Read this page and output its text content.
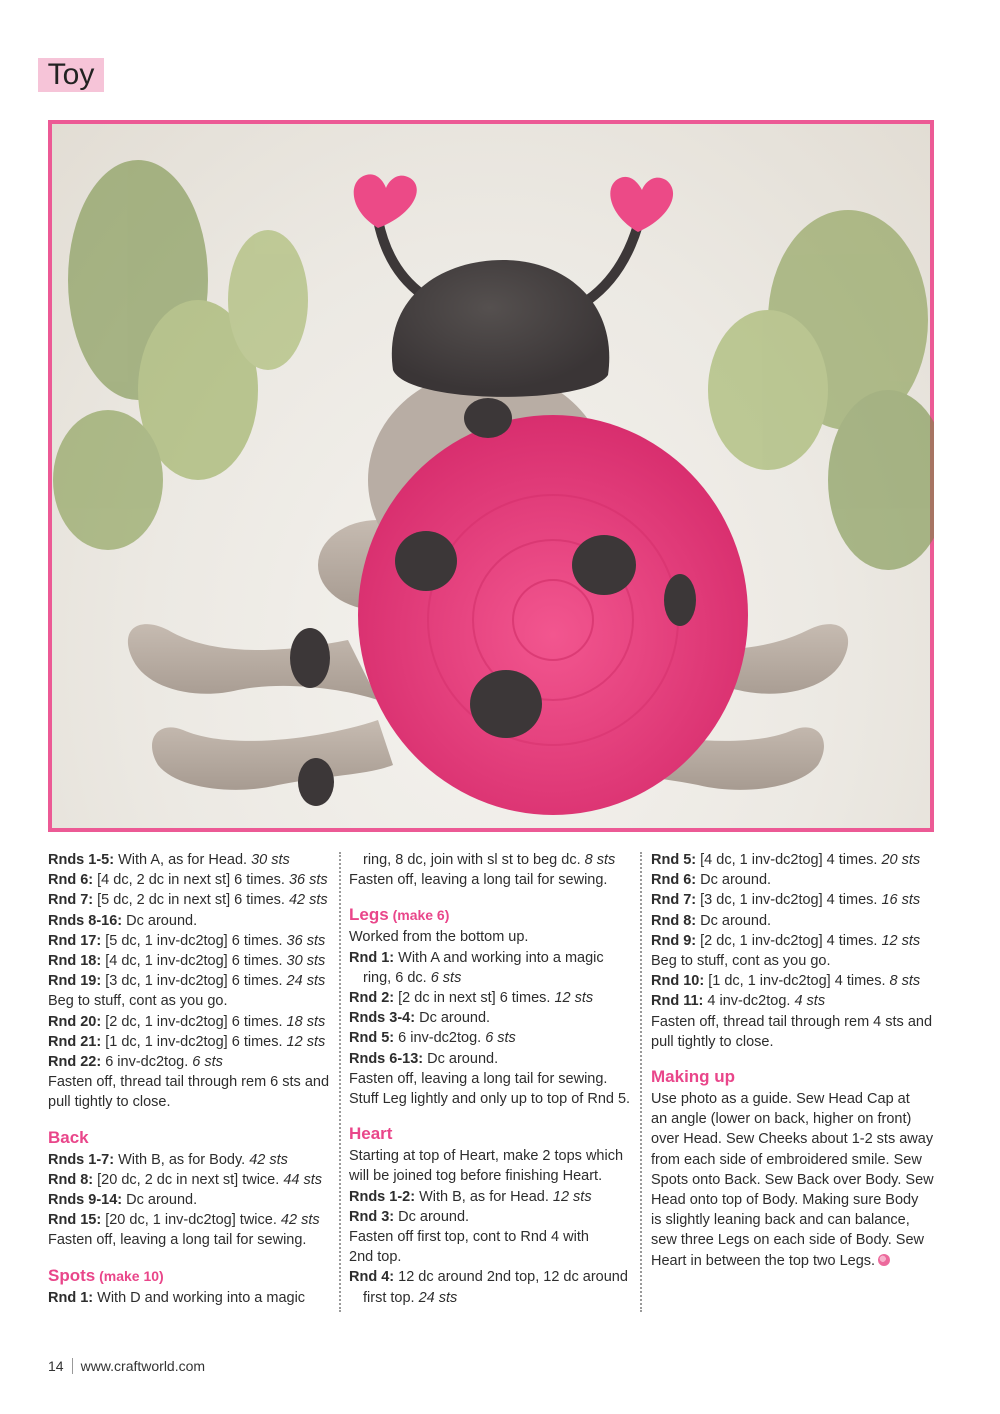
Toy
Rnds 1-5: With A, as for Head. 30 sts
Rnd 6: [4 dc, 2 dc in next st] 6 times. 36 sts
Rnd 7: [5 dc, 2 dc in next st] 6 times. 42 sts
Rnds 8-16: Dc around.
Rnd 17: [5 dc, 1 inv-dc2tog] 6 times. 36 sts
Rnd 18: [4 dc, 1 inv-dc2tog] 6 times. 30 sts
Rnd 19: [3 dc, 1 inv-dc2tog] 6 times. 24 sts
Beg to stuff, cont as you go.
Rnd 20: [2 dc, 1 inv-dc2tog] 6 times. 18 sts
Rnd 21: [1 dc, 1 inv-dc2tog] 6 times. 12 sts
Rnd 22: 6 inv-dc2tog. 6 sts
Fasten off, thread tail through rem 6 sts and
pull tightly to close.
Back
Rnds 1-7: With B, as for Body. 42 sts
Rnd 8: [20 dc, 2 dc in next st] twice. 44 sts
Rnds 9-14: Dc around.
Rnd 15: [20 dc, 1 inv-dc2tog] twice. 42 sts
Fasten off, leaving a long tail for sewing.
Spots (make 10)
Rnd 1: With D and working into a magic
ring, 8 dc, join with sl st to beg dc. 8 sts
Fasten off, leaving a long tail for sewing.
Legs (make 6)
Worked from the bottom up.
Rnd 1: With A and working into a magic
ring, 6 dc. 6 sts
Rnd 2: [2 dc in next st] 6 times. 12 sts
Rnds 3-4: Dc around.
Rnd 5: 6 inv-dc2tog. 6 sts
Rnds 6-13: Dc around.
Fasten off, leaving a long tail for sewing.
Stuff Leg lightly and only up to top of Rnd 5.
Heart
Starting at top of Heart, make 2 tops which
will be joined tog before finishing Heart.
Rnds 1-2: With B, as for Head. 12 sts
Rnd 3: Dc around.
Fasten off first top, cont to Rnd 4 with
2nd top.
Rnd 4: 12 dc around 2nd top, 12 dc around
first top. 24 sts
Rnd 5: [4 dc, 1 inv-dc2tog] 4 times. 20 sts
Rnd 6: Dc around.
Rnd 7: [3 dc, 1 inv-dc2tog] 4 times. 16 sts
Rnd 8: Dc around.
Rnd 9: [2 dc, 1 inv-dc2tog] 4 times. 12 sts
Beg to stuff, cont as you go.
Rnd 10: [1 dc, 1 inv-dc2tog] 4 times. 8 sts
Rnd 11: 4 inv-dc2tog. 4 sts
Fasten off, thread tail through rem 4 sts and
pull tightly to close.
Making up
Use photo as a guide. Sew Head Cap at
an angle (lower on back, higher on front)
over Head. Sew Cheeks about 1-2 sts away
from each side of embroidered smile. Sew
Spots onto Back. Sew Back over Body. Sew
Head onto top of Body. Making sure Body
is slightly leaning back and can balance,
sew three Legs on each side of Body. Sew
Heart in between the top two Legs.
14 www.craftworld.com
